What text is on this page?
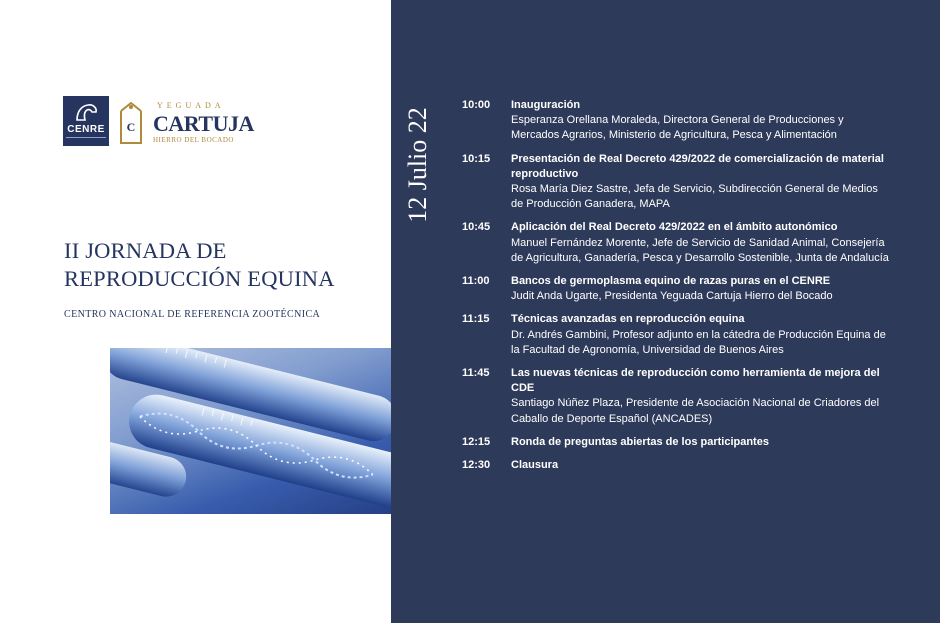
CENRE	C
YEGUADA
CARTUJA
HIERRO DEL BOCADO
II JORNADA DE
REPRODUCCIÓN EQUINA
CENTRO NACIONAL DE REFERENCIA ZOOTÉCNICA
12 Julio 22
10:00	Inauguración
Esperanza Orellana Moraleda, Directora General de Producciones y Mercados Agrarios, Ministerio de Agricultura, Pesca y Alimentación
10:15	Presentación de Real Decreto 429/2022 de comercialización de material reproductivo
Rosa María Diez Sastre, Jefa de Servicio, Subdirección General de Medios de Producción Ganadera, MAPA
10:45	Aplicación del Real Decreto 429/2022 en el ámbito autonómico
Manuel Fernández Morente, Jefe de Servicio de Sanidad Animal, Consejería de Agricultura, Ganadería, Pesca y Desarrollo Sostenible, Junta de Andalucía
11:00	Bancos de germoplasma equino de razas puras en el CENRE
Judit Anda Ugarte, Presidenta Yeguada Cartuja Hierro del Bocado
11:15	Técnicas avanzadas en reproducción equina
Dr. Andrés Gambini, Profesor adjunto en la cátedra de Producción Equina de la Facultad de Agronomía, Universidad de Buenos Aires
11:45	Las nuevas técnicas de reproducción como herramienta de mejora del CDE
Santiago Núñez Plaza, Presidente de Asociación Nacional de Criadores del Caballo de Deporte Español (ANCADES)
12:15	Ronda de preguntas abiertas de los participantes
12:30	Clausura
